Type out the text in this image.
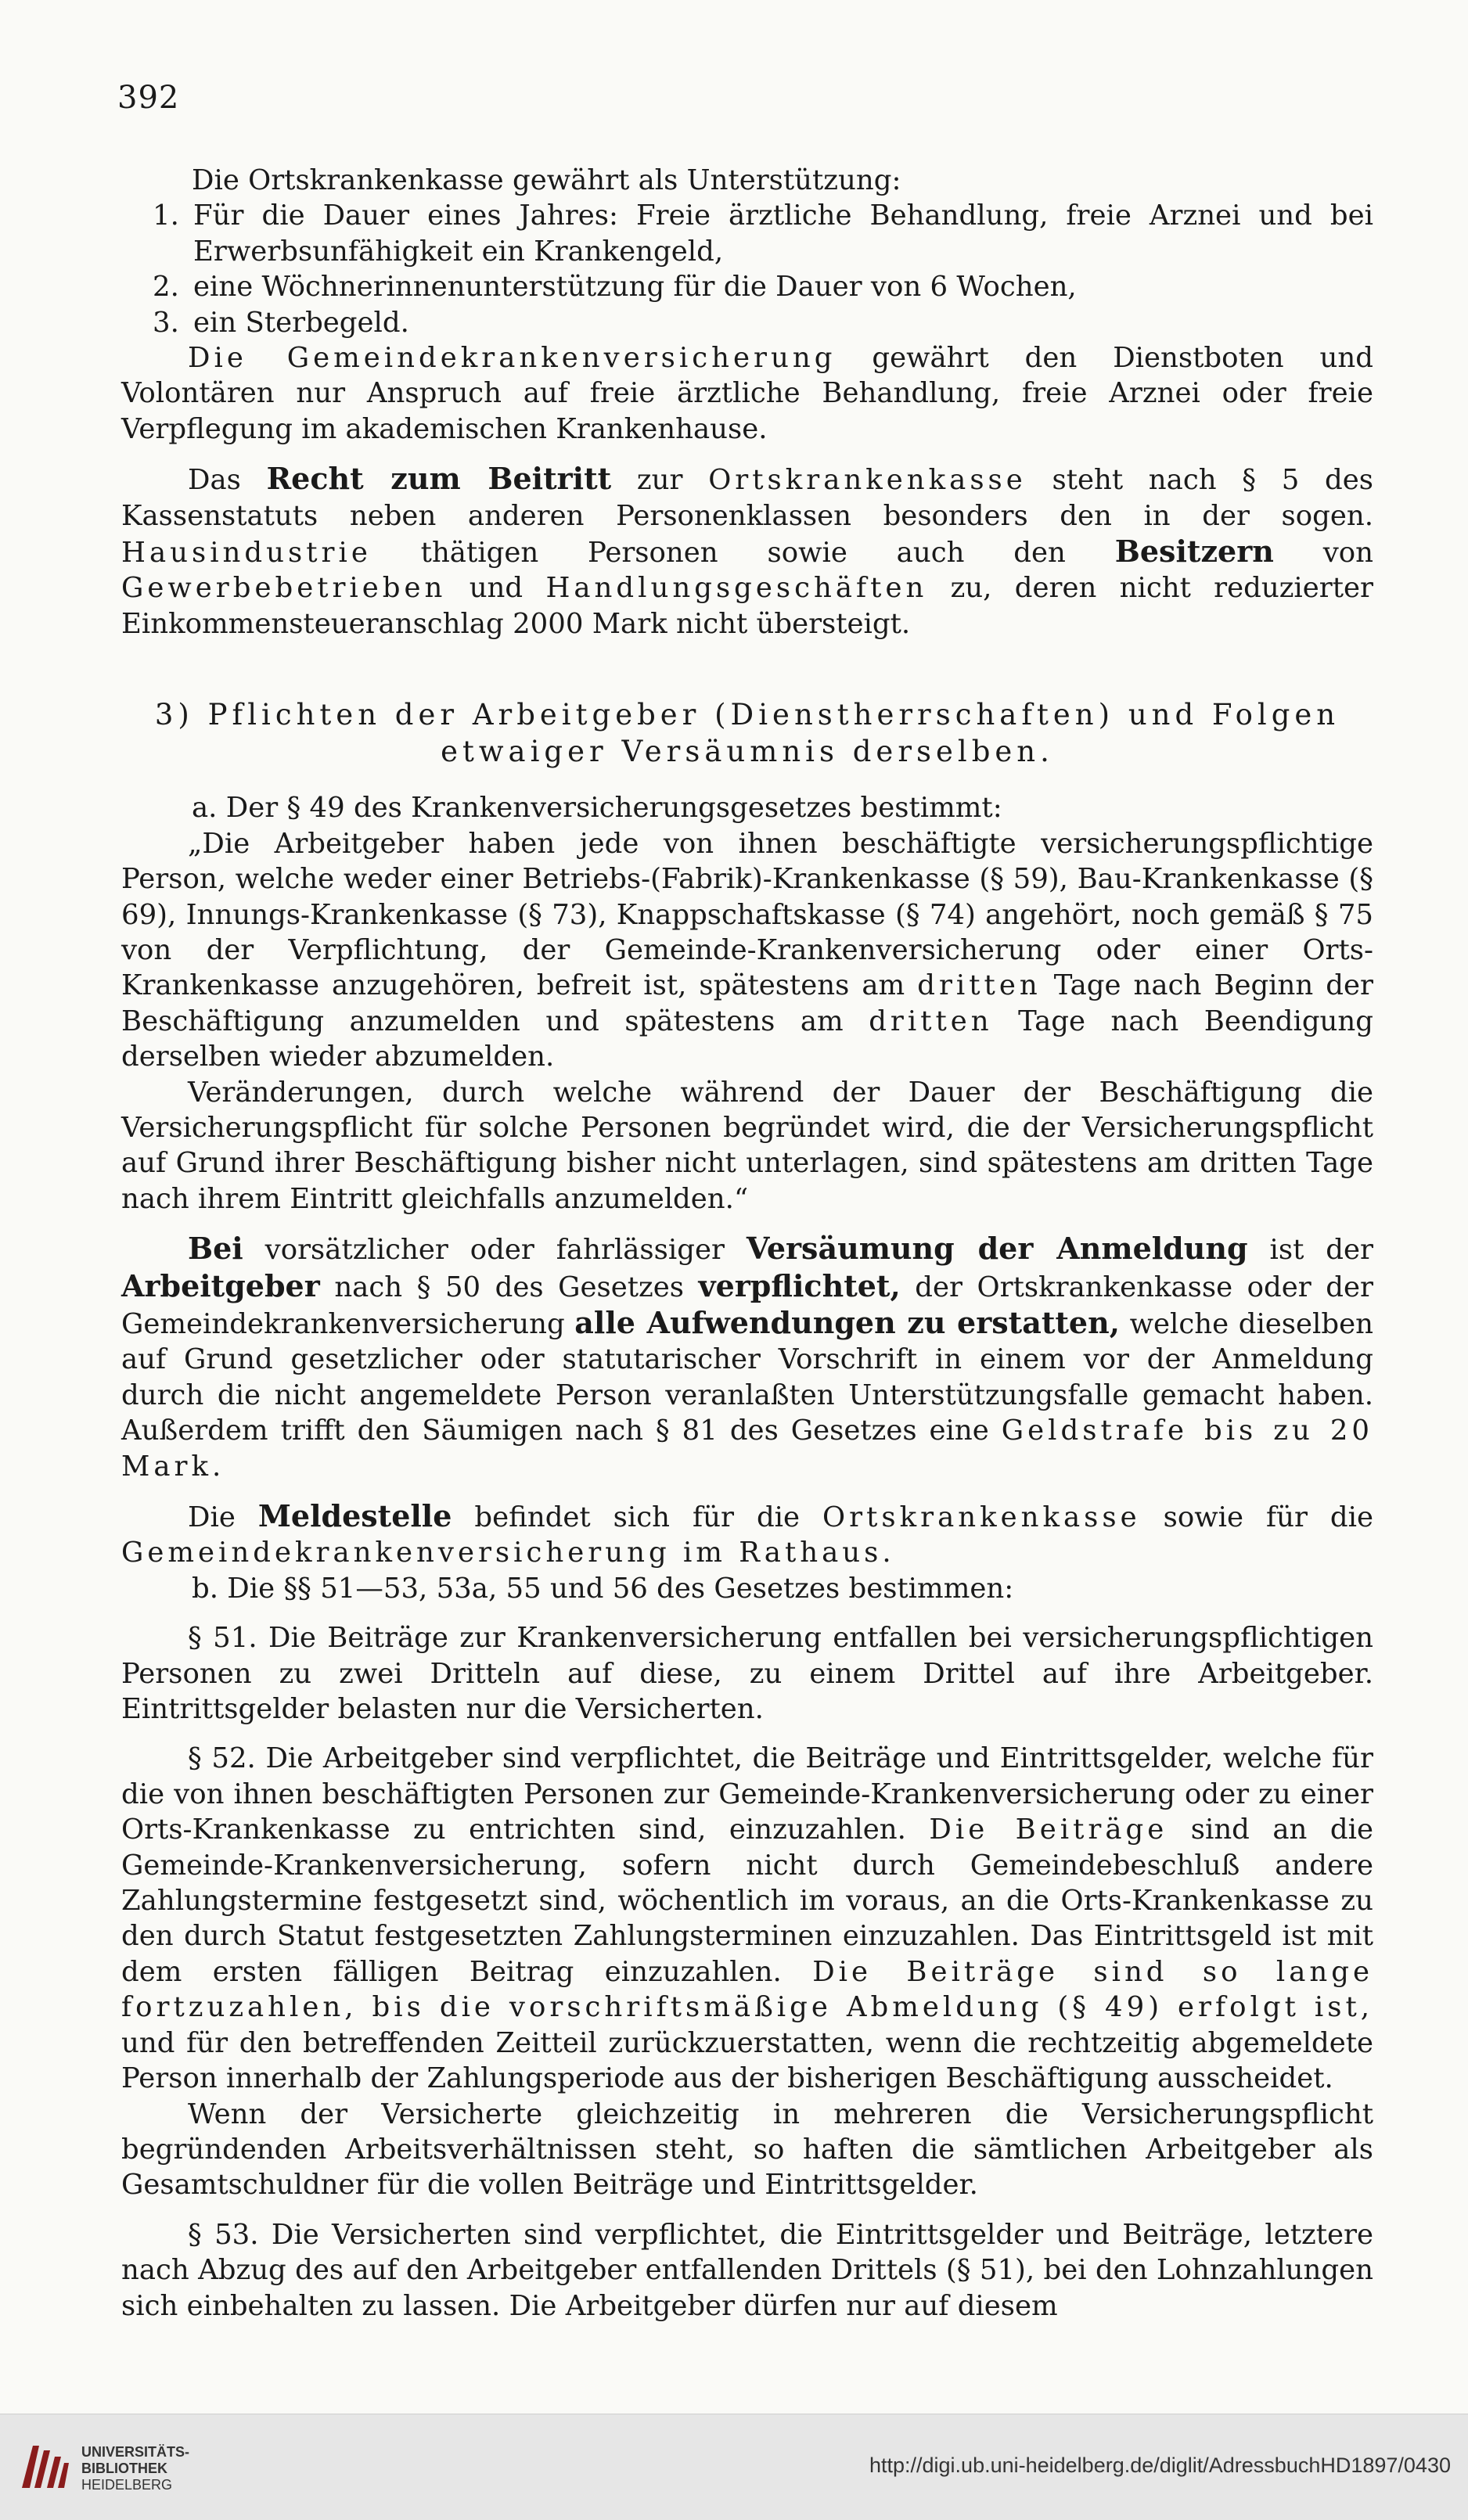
392

Die Ortskrankenkasse gewährt als Unterstützung:

1. Für die Dauer eines Jahres: Freie ärztliche Behandlung, freie Arznei und bei Erwerbsunfähigkeit ein Krankengeld,
2. eine Wöchnerinnenunterstützung für die Dauer von 6 Wochen,
3. ein Sterbegeld.

Die Gemeindekrankenversicherung gewährt den Dienstboten und Volontären nur Anspruch auf freie ärztliche Behandlung, freie Arznei oder freie Verpflegung im akademischen Krankenhause.

Das Recht zum Beitritt zur Ortskrankenkasse steht nach § 5 des Kassenstatuts neben anderen Personenklassen besonders den in der sogen. Hausindustrie thätigen Personen sowie auch den Besitzern von Gewerbebetrieben und Handlungsgeschäften zu, deren nicht reduzierter Einkommensteueranschlag 2000 Mark nicht übersteigt.

3) Pflichten der Arbeitgeber (Dienstherrschaften) und Folgen
etwaiger Versäumnis derselben.

a. Der § 49 des Krankenversicherungsgesetzes bestimmt:

„Die Arbeitgeber haben jede von ihnen beschäftigte versicherungspflichtige Person, welche weder einer Betriebs-(Fabrik)-Krankenkasse (§ 59), Bau-Krankenkasse (§ 69), Innungs-Krankenkasse (§ 73), Knappschaftskasse (§ 74) angehört, noch gemäß § 75 von der Verpflichtung, der Gemeinde-Krankenversicherung oder einer Orts-Krankenkasse anzugehören, befreit ist, spätestens am dritten Tage nach Beginn der Beschäftigung anzumelden und spätestens am dritten Tage nach Beendigung derselben wieder abzumelden.

Veränderungen, durch welche während der Dauer der Beschäftigung die Versicherungspflicht für solche Personen begründet wird, die der Versicherungspflicht auf Grund ihrer Beschäftigung bisher nicht unterlagen, sind spätestens am dritten Tage nach ihrem Eintritt gleichfalls anzumelden.“

Bei vorsätzlicher oder fahrlässiger Versäumung der Anmeldung ist der Arbeitgeber nach § 50 des Gesetzes verpflichtet, der Ortskrankenkasse oder der Gemeindekrankenversicherung alle Aufwendungen zu erstatten, welche dieselben auf Grund gesetzlicher oder statutarischer Vorschrift in einem vor der Anmeldung durch die nicht angemeldete Person veranlaßten Unterstützungsfalle gemacht haben. Außerdem trifft den Säumigen nach § 81 des Gesetzes eine Geldstrafe bis zu 20 Mark.

Die Meldestelle befindet sich für die Ortskrankenkasse sowie für die Gemeindekrankenversicherung im Rathaus.

b. Die §§ 51—53, 53a, 55 und 56 des Gesetzes bestimmen:

§ 51. Die Beiträge zur Krankenversicherung entfallen bei versicherungspflichtigen Personen zu zwei Dritteln auf diese, zu einem Drittel auf ihre Arbeitgeber. Eintrittsgelder belasten nur die Versicherten.

§ 52. Die Arbeitgeber sind verpflichtet, die Beiträge und Eintrittsgelder, welche für die von ihnen beschäftigten Personen zur Gemeinde-Krankenversicherung oder zu einer Orts-Krankenkasse zu entrichten sind, einzuzahlen. Die Beiträge sind an die Gemeinde-Krankenversicherung, sofern nicht durch Gemeindebeschluß andere Zahlungstermine festgesetzt sind, wöchentlich im voraus, an die Orts-Krankenkasse zu den durch Statut festgesetzten Zahlungsterminen einzuzahlen. Das Eintrittsgeld ist mit dem ersten fälligen Beitrag einzuzahlen. Die Beiträge sind so lange fortzuzahlen, bis die vorschriftsmäßige Abmeldung (§ 49) erfolgt ist, und für den betreffenden Zeitteil zurückzuerstatten, wenn die rechtzeitig abgemeldete Person innerhalb der Zahlungsperiode aus der bisherigen Beschäftigung ausscheidet.

Wenn der Versicherte gleichzeitig in mehreren die Versicherungspflicht begründenden Arbeitsverhältnissen steht, so haften die sämtlichen Arbeitgeber als Gesamtschuldner für die vollen Beiträge und Eintrittsgelder.

§ 53. Die Versicherten sind verpflichtet, die Eintrittsgelder und Beiträge, letztere nach Abzug des auf den Arbeitgeber entfallenden Drittels (§ 51), bei den Lohnzahlungen sich einbehalten zu lassen. Die Arbeitgeber dürfen nur auf diesem

UNIVERSITÄTS-
BIBLIOTHEK
HEIDELBERG
http://digi.ub.uni-heidelberg.de/diglit/AdressbuchHD1897/0430
